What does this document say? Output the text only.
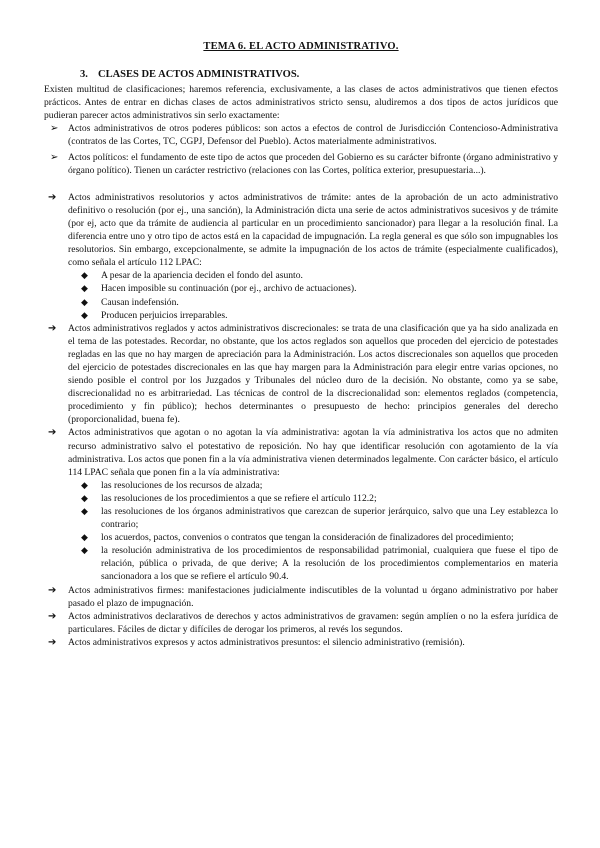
TEMA 6. EL ACTO ADMINISTRATIVO.
3. CLASES DE ACTOS ADMINISTRATIVOS.

Existen multitud de clasificaciones; haremos referencia, exclusivamente, a las clases de actos administrativos que tienen efectos prácticos. Antes de entrar en dichas clases de actos administrativos stricto sensu, aludiremos a dos tipos de actos jurídicos que pudieran parecer actos administrativos sin serlo exactamente:

➢ Actos administrativos de otros poderes públicos: son actos a efectos de control de Jurisdicción Contencioso-Administrativa (contratos de las Cortes, TC, CGPJ, Defensor del Pueblo). Actos materialmente administrativos.
➢ Actos políticos: el fundamento de este tipo de actos que proceden del Gobierno es su carácter bifronte (órgano administrativo y órgano político). Tienen un carácter restrictivo (relaciones con las Cortes, política exterior, presupuestaria...).
➔ Actos administrativos resolutorios y actos administrativos de trámite: antes de la aprobación de un acto administrativo definitivo o resolución (por ej., una sanción), la Administración dicta una serie de actos administrativos sucesivos y de trámite (por ej, acto que da trámite de audiencia al particular en un procedimiento sancionador) para llegar a la resolución final. La diferencia entre uno y otro tipo de actos está en la capacidad de impugnación. La regla general es que sólo son impugnables los resolutorios. Sin embargo, excepcionalmente, se admite la impugnación de los actos de trámite (especialmente cualificados), como señala el artículo 112 LPAC:
◆ A pesar de la apariencia deciden el fondo del asunto.
◆ Hacen imposible su continuación (por ej., archivo de actuaciones).
◆ Causan indefensión.
◆ Producen perjuicios irreparables.
➔ Actos administrativos reglados y actos administrativos discrecionales: se trata de una clasificación que ya ha sido analizada en el tema de las potestades. Recordar, no obstante, que los actos reglados son aquellos que proceden del ejercicio de potestades regladas en las que no hay margen de apreciación para la Administración. Los actos discrecionales son aquellos que proceden del ejercicio de potestades discrecionales en las que hay margen para la Administración para elegir entre varias opciones, no siendo posible el control por los Juzgados y Tribunales del núcleo duro de la decisión. No obstante, como ya se sabe, discrecionalidad no es arbitrariedad. Las técnicas de control de la discrecionalidad son: elementos reglados (competencia, procedimiento y fin público); hechos determinantes o presupuesto de hecho: principios generales del derecho (proporcionalidad, buena fe).
➔ Actos administrativos que agotan o no agotan la vía administrativa: agotan la vía administrativa los actos que no admiten recurso administrativo salvo el potestativo de reposición. No hay que identificar resolución con agotamiento de la vía administrativa. Los actos que ponen fin a la vía administrativa vienen determinados legalmente. Con carácter básico, el artículo 114 LPAC señala que ponen fin a la vía administrativa:
◆ las resoluciones de los recursos de alzada;
◆ las resoluciones de los procedimientos a que se refiere el artículo 112.2;
◆ las resoluciones de los órganos administrativos que carezcan de superior jerárquico, salvo que una Ley establezca lo contrario;
◆ los acuerdos, pactos, convenios o contratos que tengan la consideración de finalizadores del procedimiento;
◆ la resolución administrativa de los procedimientos de responsabilidad patrimonial, cualquiera que fuese el tipo de relación, pública o privada, de que derive; A la resolución de los procedimientos complementarios en materia sancionadora a los que se refiere el artículo 90.4.
➔ Actos administrativos firmes: manifestaciones judicialmente indiscutibles de la voluntad u órgano administrativo por haber pasado el plazo de impugnación.
➔ Actos administrativos declarativos de derechos y actos administrativos de gravamen: según amplíen o no la esfera jurídica de particulares. Fáciles de dictar y difíciles de derogar los primeros, al revés los segundos.
➔ Actos administrativos expresos y actos administrativos presuntos: el silencio administrativo (remisión).
